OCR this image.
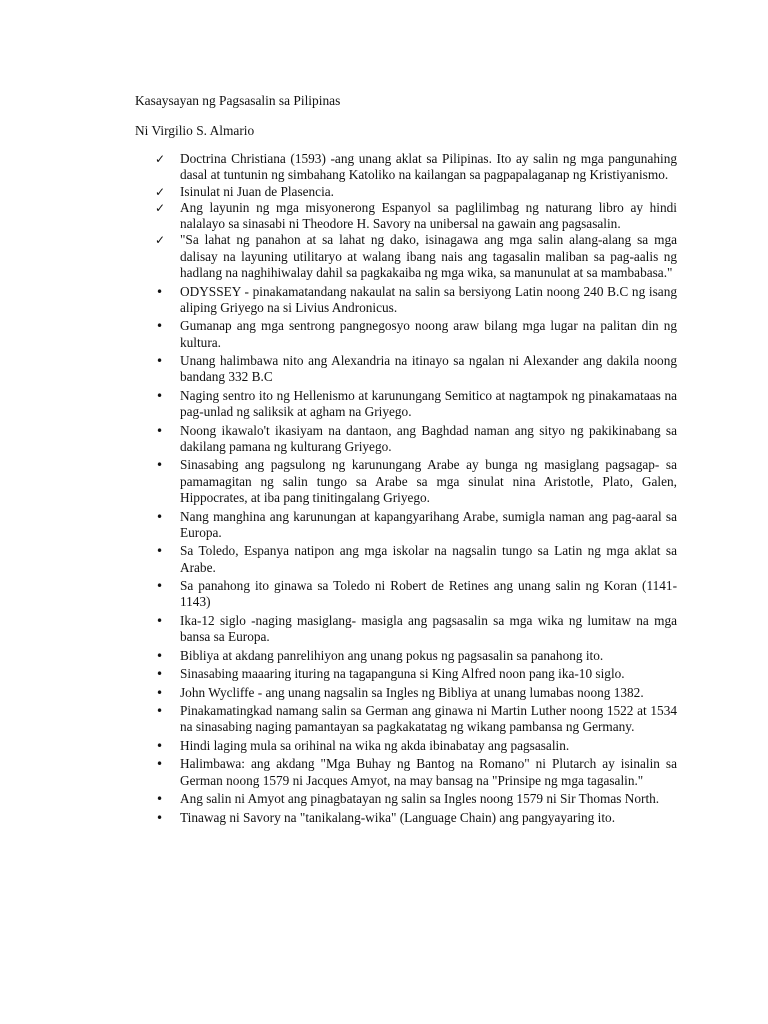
Kasaysayan ng Pagsasalin sa Pilipinas
Ni Virgilio S. Almario
✓ Doctrina Christiana (1593) -ang unang aklat sa Pilipinas. Ito ay salin ng mga pangunahing dasal at tuntunin ng simbahang Katoliko na kailangan sa pagpapalaganap ng Kristiyanismo.
✓ Isinulat ni Juan de Plasencia.
✓ Ang layunin ng mga misyonerong Espanyol sa paglilimbag ng naturang libro ay hindi nalalayo sa sinasabi ni Theodore H. Savory na unibersal na gawain ang pagsasalin.
✓ "Sa lahat ng panahon at sa lahat ng dako, isinagawa ang mga salin alang-alang sa mga dalisay na layuning utilitaryo at walang ibang nais ang tagasalin maliban sa pag-aalis ng hadlang na naghihiwalay dahil sa pagkakaiba ng mga wika, sa manunulat at sa mambabasa."
•	ODYSSEY - pinakamatandang nakaulat na salin sa bersiyong Latin noong 240 B.C ng isang aliping Griyego na si Livius Andronicus.
•	Gumanap ang mga sentrong pangnegosyo noong araw bilang mga lugar na palitan din ng kultura.
•	Unang halimbawa nito ang Alexandria na itinayo sa ngalan ni Alexander ang dakila noong bandang 332 B.C
•	Naging sentro ito ng Hellenismo at karunungang Semitico at nagtampok ng pinakamataas na pag-unlad ng saliksik at agham na Griyego.
•	Noong ikawalo't ikasiyam na dantaon, ang Baghdad naman ang sityo ng pakikinabang sa dakilang pamana ng kulturang Griyego.
•	Sinasabing ang pagsulong ng karunungang Arabe ay bunga ng masiglang pagsagap- sa pamamagitan ng salin tungo sa Arabe sa mga sinulat nina Aristotle, Plato, Galen, Hippocrates, at iba pang tinitingalang Griyego.
•	Nang manghina ang karunungan at kapangyarihang Arabe, sumigla naman ang pag-aaral sa Europa.
•	Sa Toledo, Espanya natipon ang mga iskolar na nagsalin tungo sa Latin ng mga aklat sa Arabe.
•	Sa panahong ito ginawa sa Toledo ni Robert de Retines ang unang salin ng Koran (1141-1143)
•	Ika-12 siglo -naging masiglang- masigla ang pagsasalin sa mga wika ng lumitaw na mga bansa sa Europa.
•	Bibliya at akdang panrelihiyon ang unang pokus ng pagsasalin sa panahong ito.
•	Sinasabing maaaring ituring na tagapanguna si King Alfred noon pang ika-10 siglo.
•	John Wycliffe - ang unang nagsalin sa Ingles ng Bibliya at unang lumabas noong 1382.
•	Pinakamatingkad namang salin sa German ang ginawa ni Martin Luther noong 1522 at 1534 na sinasabing naging pamantayan sa pagkakatatag ng wikang pambansa ng Germany.
•	Hindi laging mula sa orihinal na wika ng akda ibinabatay ang pagsasalin.
•	Halimbawa: ang akdang "Mga Buhay ng Bantog na Romano" ni Plutarch ay isinalin sa German noong 1579 ni Jacques Amyot, na may bansag na "Prinsipe ng mga tagasalin."
•	Ang salin ni Amyot ang pinagbatayan ng salin sa Ingles noong 1579 ni Sir Thomas North.
•	Tinawag ni Savory na "tanikalang-wika" (Language Chain) ang pangyayaring ito.
